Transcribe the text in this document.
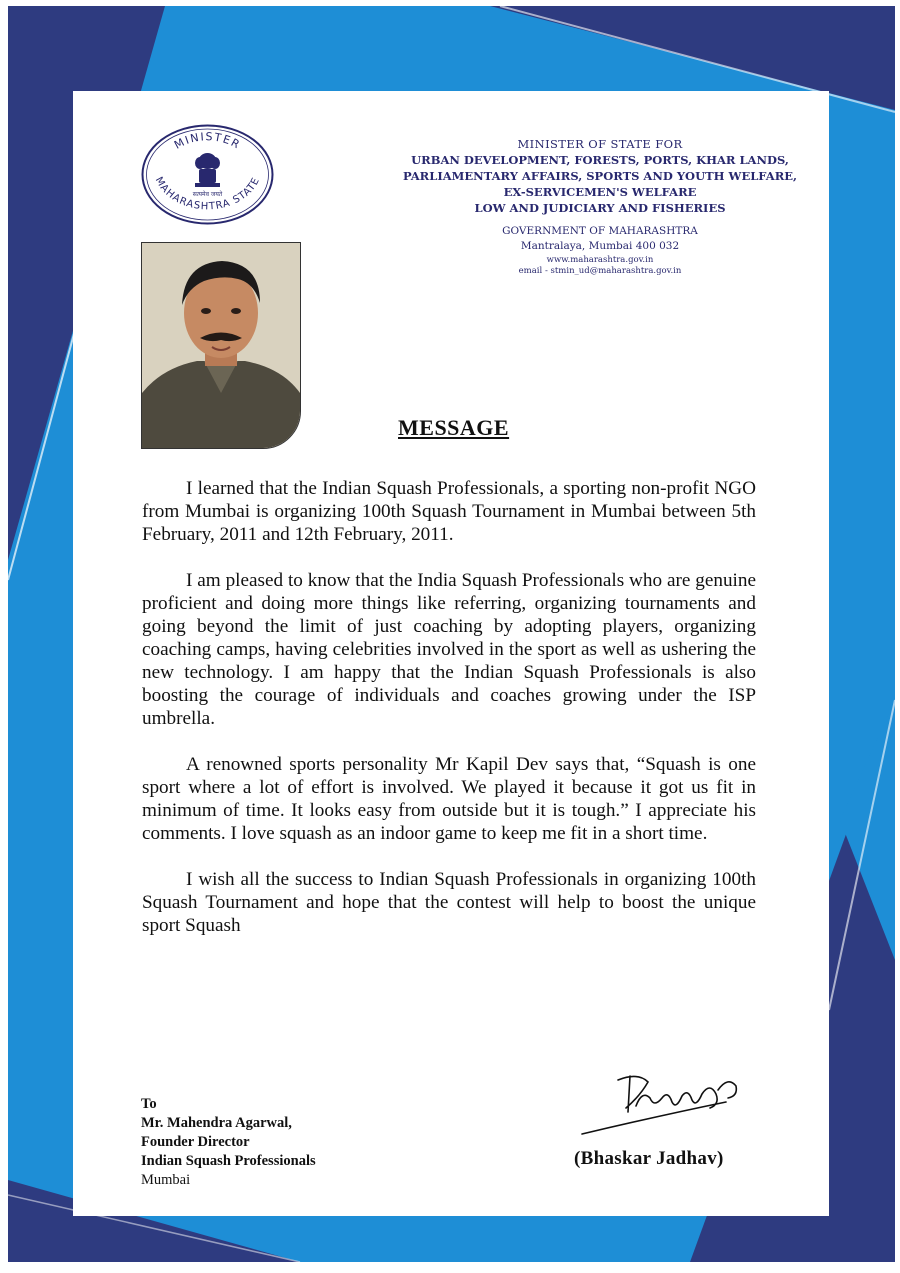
MINISTER
MAHARASHTRA STATE
सत्यमेव जयते
MINISTER OF STATE FOR
URBAN DEVELOPMENT, FORESTS, PORTS, KHAR LANDS,
PARLIAMENTARY AFFAIRS, SPORTS AND YOUTH WELFARE,
EX-SERVICEMEN'S WELFARE
LOW AND JUDICIARY AND FISHERIES
GOVERNMENT OF MAHARASHTRA
Mantralaya, Mumbai 400 032
www.maharashtra.gov.in
email - stmin_ud@maharashtra.gov.in
MESSAGE

I learned that the Indian Squash Professionals, a sporting non-profit NGO from Mumbai is organizing 100th Squash Tournament in Mumbai between 5th February, 2011 and 12th February, 2011.

I am pleased to know that the India Squash Professionals who are genuine proficient and doing more things like referring, organizing tournaments and going beyond the limit of just coaching by adopting players, organizing coaching camps, having celebrities involved in the sport as well as ushering the new technology. I am happy that the Indian Squash Professionals is also boosting the courage of individuals and coaches growing under the ISP umbrella.

A renowned sports personality Mr Kapil Dev says that, “Squash is one sport where a lot of effort is involved. We played it because it got us fit in minimum of time. It looks easy from outside but it is tough.” I appreciate his comments. I love squash as an indoor game to keep me fit in a short time.

I wish all the success to Indian Squash Professionals in organizing 100th Squash Tournament and hope that the contest will help to boost the unique sport Squash

To
Mr. Mahendra Agarwal,
Founder Director
Indian Squash Professionals
Mumbai
(Bhaskar Jadhav)
